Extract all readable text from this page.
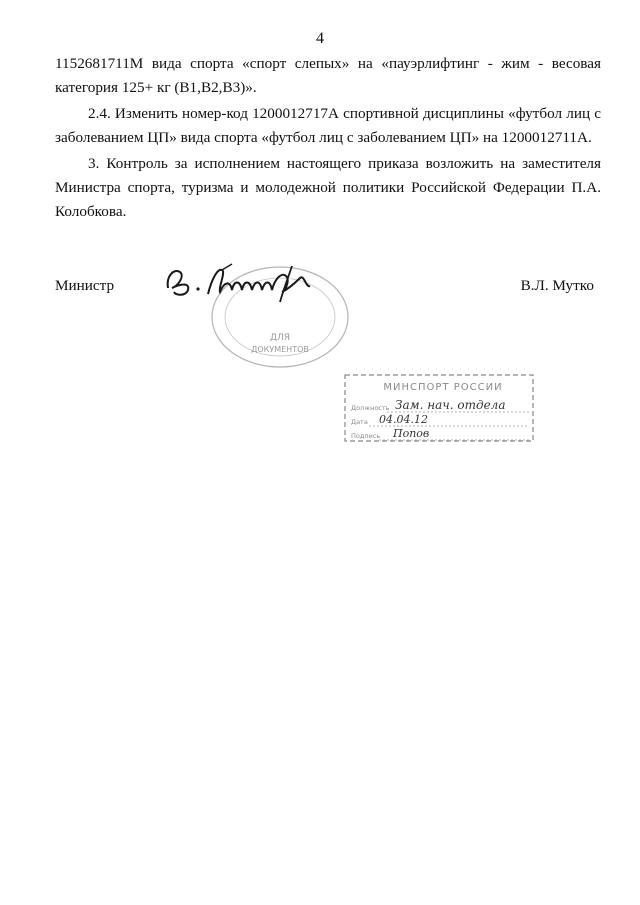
4
1152681711М вида спорта «спорт слепых» на «пауэрлифтинг - жим - весовая категория 125+ кг (В1,В2,В3)».
2.4. Изменить номер-код 1200012717А спортивной дисциплины «футбол лиц с заболеванием ЦП» вида спорта «футбол лиц с заболеванием ЦП» на 1200012711А.
3. Контроль за исполнением настоящего приказа возложить на заместителя Министра спорта, туризма и молодежной политики Российской Федерации П.А. Колобкова.
Министр	В.Л. Мутко
ДЛЯ
ДОКУМЕНТОВ
МИНСПОРТ РОССИИ
Должность Зам. нач. отдела
Дата 04.04.12
Подпись Попов
